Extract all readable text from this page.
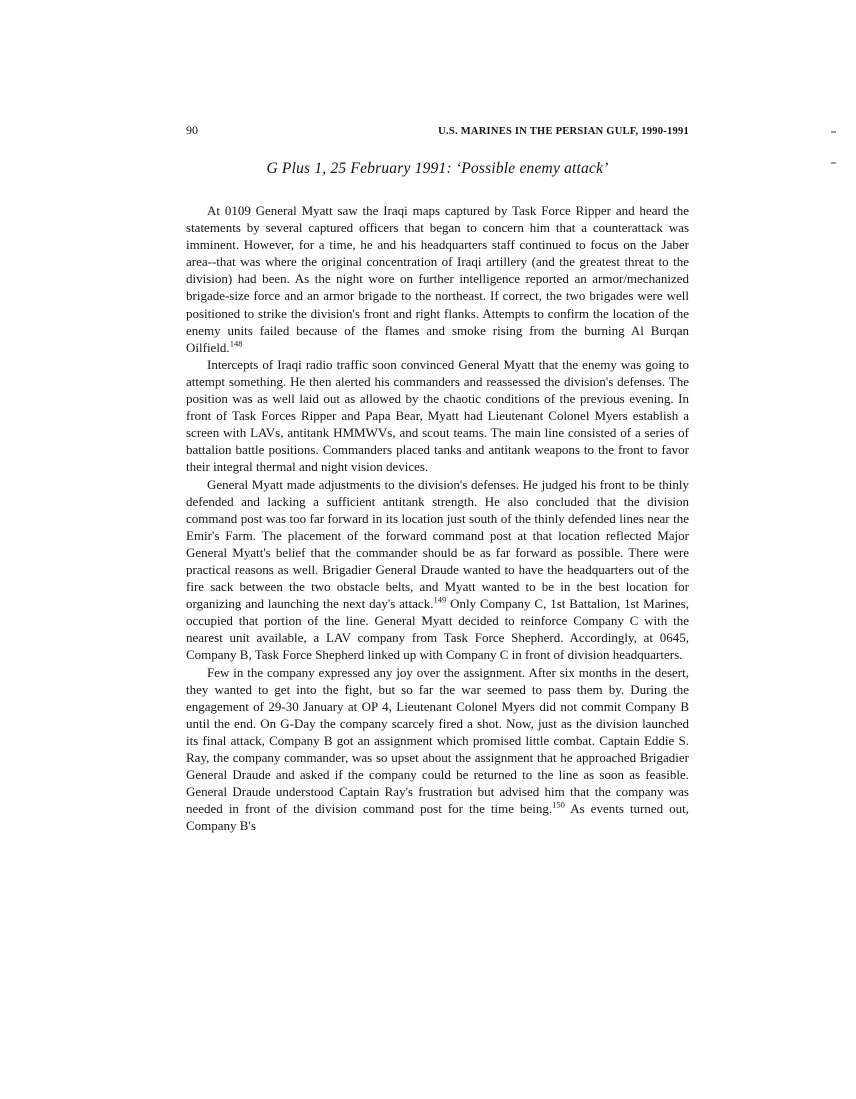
90	U.S. MARINES IN THE PERSIAN GULF, 1990-1991
G Plus 1, 25 February 1991: ‘Possible enemy attack’

At 0109 General Myatt saw the Iraqi maps captured by Task Force Ripper and heard the statements by several captured officers that began to concern him that a counterattack was imminent. However, for a time, he and his headquarters staff continued to focus on the Jaber area--that was where the original concentration of Iraqi artillery (and the greatest threat to the division) had been. As the night wore on further intelligence reported an armor/mechanized brigade-size force and an armor brigade to the northeast. If correct, the two brigades were well positioned to strike the division's front and right flanks. Attempts to confirm the location of the enemy units failed because of the flames and smoke rising from the burning Al Burqan Oilfield.$^{148}$

Intercepts of Iraqi radio traffic soon convinced General Myatt that the enemy was going to attempt something. He then alerted his commanders and reassessed the division's defenses. The position was as well laid out as allowed by the chaotic conditions of the previous evening. In front of Task Forces Ripper and Papa Bear, Myatt had Lieutenant Colonel Myers establish a screen with LAVs, antitank HMMWVs, and scout teams. The main line consisted of a series of battalion battle positions. Commanders placed tanks and antitank weapons to the front to favor their integral thermal and night vision devices.

General Myatt made adjustments to the division's defenses. He judged his front to be thinly defended and lacking a sufficient antitank strength. He also concluded that the division command post was too far forward in its location just south of the thinly defended lines near the Emir's Farm. The placement of the forward command post at that location reflected Major General Myatt's belief that the commander should be as far forward as possible. There were practical reasons as well. Brigadier General Draude wanted to have the headquarters out of the fire sack between the two obstacle belts, and Myatt wanted to be in the best location for organizing and launching the next day's attack.$^{149}$ Only Company C, 1st Battalion, 1st Marines, occupied that portion of the line. General Myatt decided to reinforce Company C with the nearest unit available, a LAV company from Task Force Shepherd. Accordingly, at 0645, Company B, Task Force Shepherd linked up with Company C in front of division headquarters.

Few in the company expressed any joy over the assignment. After six months in the desert, they wanted to get into the fight, but so far the war seemed to pass them by. During the engagement of 29-30 January at OP 4, Lieutenant Colonel Myers did not commit Company B until the end. On G-Day the company scarcely fired a shot. Now, just as the division launched its final attack, Company B got an assignment which promised little combat. Captain Eddie S. Ray, the company commander, was so upset about the assignment that he approached Brigadier General Draude and asked if the company could be returned to the line as soon as feasible. General Draude understood Captain Ray's frustration but advised him that the company was needed in front of the division command post for the time being.$^{150}$ As events turned out, Company B's
